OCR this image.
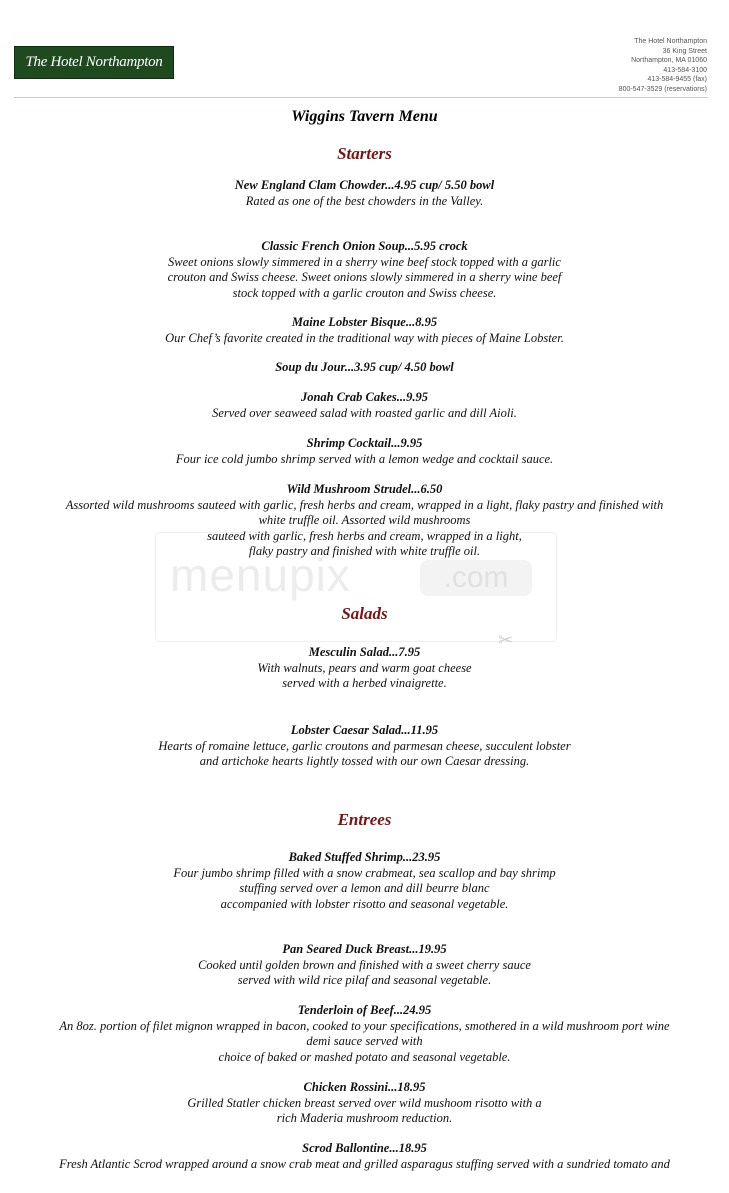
The Hotel Northampton
The Hotel Northampton
36 King Street
Northampton, MA 01060
413-584-3100
413-584-9455 (fax)
800-547-3529 (reservations)
menupix	.com
✂
Wiggins Tavern Menu
Starters
New England Clam Chowder...4.95 cup/ 5.50 bowl
Rated as one of the best chowders in the Valley.
Classic French Onion Soup...5.95 crock
Sweet onions slowly simmered in a sherry wine beef stock topped with a garlic
crouton and Swiss cheese. Sweet onions slowly simmered in a sherry wine beef
stock topped with a garlic crouton and Swiss cheese.
Maine Lobster Bisque...8.95
Our Chef’s favorite created in the traditional way with pieces of Maine Lobster.
Soup du Jour...3.95 cup/ 4.50 bowl
Jonah Crab Cakes...9.95
Served over seaweed salad with roasted garlic and dill Aioli.
Shrimp Cocktail...9.95
Four ice cold jumbo shrimp served with a lemon wedge and cocktail sauce.
Wild Mushroom Strudel...6.50
Assorted wild mushrooms sauteed with garlic, fresh herbs and cream, wrapped in a light, flaky pastry and finished with
white truffle oil. Assorted wild mushrooms
sauteed with garlic, fresh herbs and cream, wrapped in a light,
flaky pastry and finished with white truffle oil.
Salads
Mesculin Salad...7.95
With walnuts, pears and warm goat cheese
served with a herbed vinaigrette.
Lobster Caesar Salad...11.95
Hearts of romaine lettuce, garlic croutons and parmesan cheese, succulent lobster
and artichoke hearts lightly tossed with our own Caesar dressing.
Entrees
Baked Stuffed Shrimp...23.95
Four jumbo shrimp filled with a snow crabmeat, sea scallop and bay shrimp
stuffing served over a lemon and dill beurre blanc
accompanied with lobster risotto and seasonal vegetable.
Pan Seared Duck Breast...19.95
Cooked until golden brown and finished with a sweet cherry sauce
served with wild rice pilaf and seasonal vegetable.
Tenderloin of Beef...24.95
An 8oz. portion of filet mignon wrapped in bacon, cooked to your specifications, smothered in a wild mushroom port wine
demi sauce served with
choice of baked or mashed potato and seasonal vegetable.
Chicken Rossini...18.95
Grilled Statler chicken breast served over wild mushoom risotto with a
rich Maderia mushroom reduction.
Scrod Ballontine...18.95
Fresh Atlantic Scrod wrapped around a snow crab meat and grilled asparagus stuffing served with a sundried tomato and
